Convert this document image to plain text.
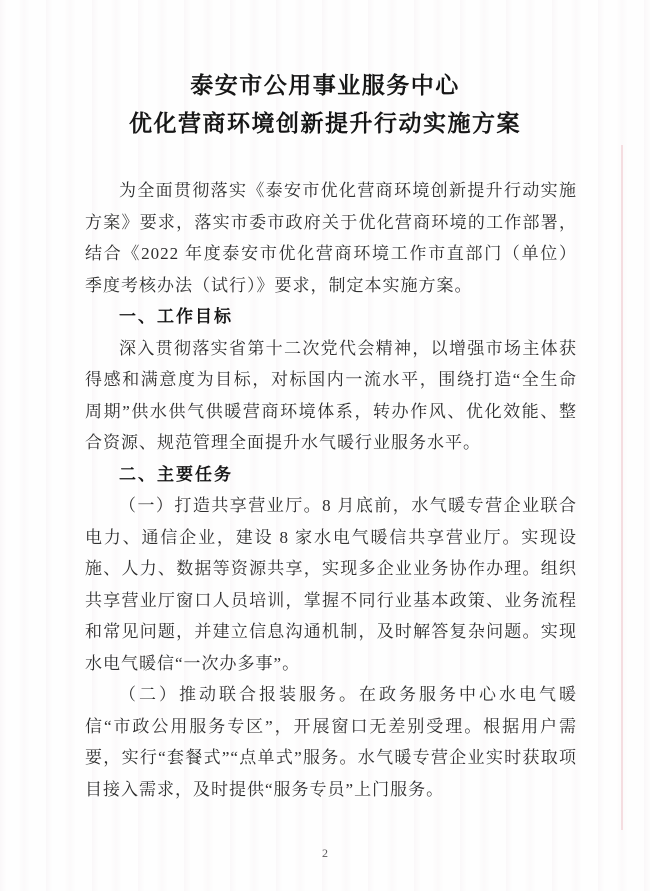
泰安市公用事业服务中心
优化营商环境创新提升行动实施方案

为全面贯彻落实《泰安市优化营商环境创新提升行动实施方案》要求，落实市委市政府关于优化营商环境的工作部署，结合《2022 年度泰安市优化营商环境工作市直部门（单位）季度考核办法（试行）》要求，制定本实施方案。

一、工作目标

深入贯彻落实省第十二次党代会精神，以增强市场主体获得感和满意度为目标，对标国内一流水平，围绕打造“全生命周期”供水供气供暖营商环境体系，转办作风、优化效能、整合资源、规范管理全面提升水气暖行业服务水平。

二、主要任务

（一）打造共享营业厅。8 月底前，水气暖专营企业联合电力、通信企业，建设 8 家水电气暖信共享营业厅。实现设施、人力、数据等资源共享，实现多企业业务协作办理。组织共享营业厅窗口人员培训，掌握不同行业基本政策、业务流程和常见问题，并建立信息沟通机制，及时解答复杂问题。实现水电气暖信“一次办多事”。

（二）推动联合报装服务。在政务服务中心水电气暖信“市政公用服务专区”，开展窗口无差别受理。根据用户需要，实行“套餐式”“点单式”服务。水气暖专营企业实时获取项目接入需求，及时提供“服务专员”上门服务。

2
